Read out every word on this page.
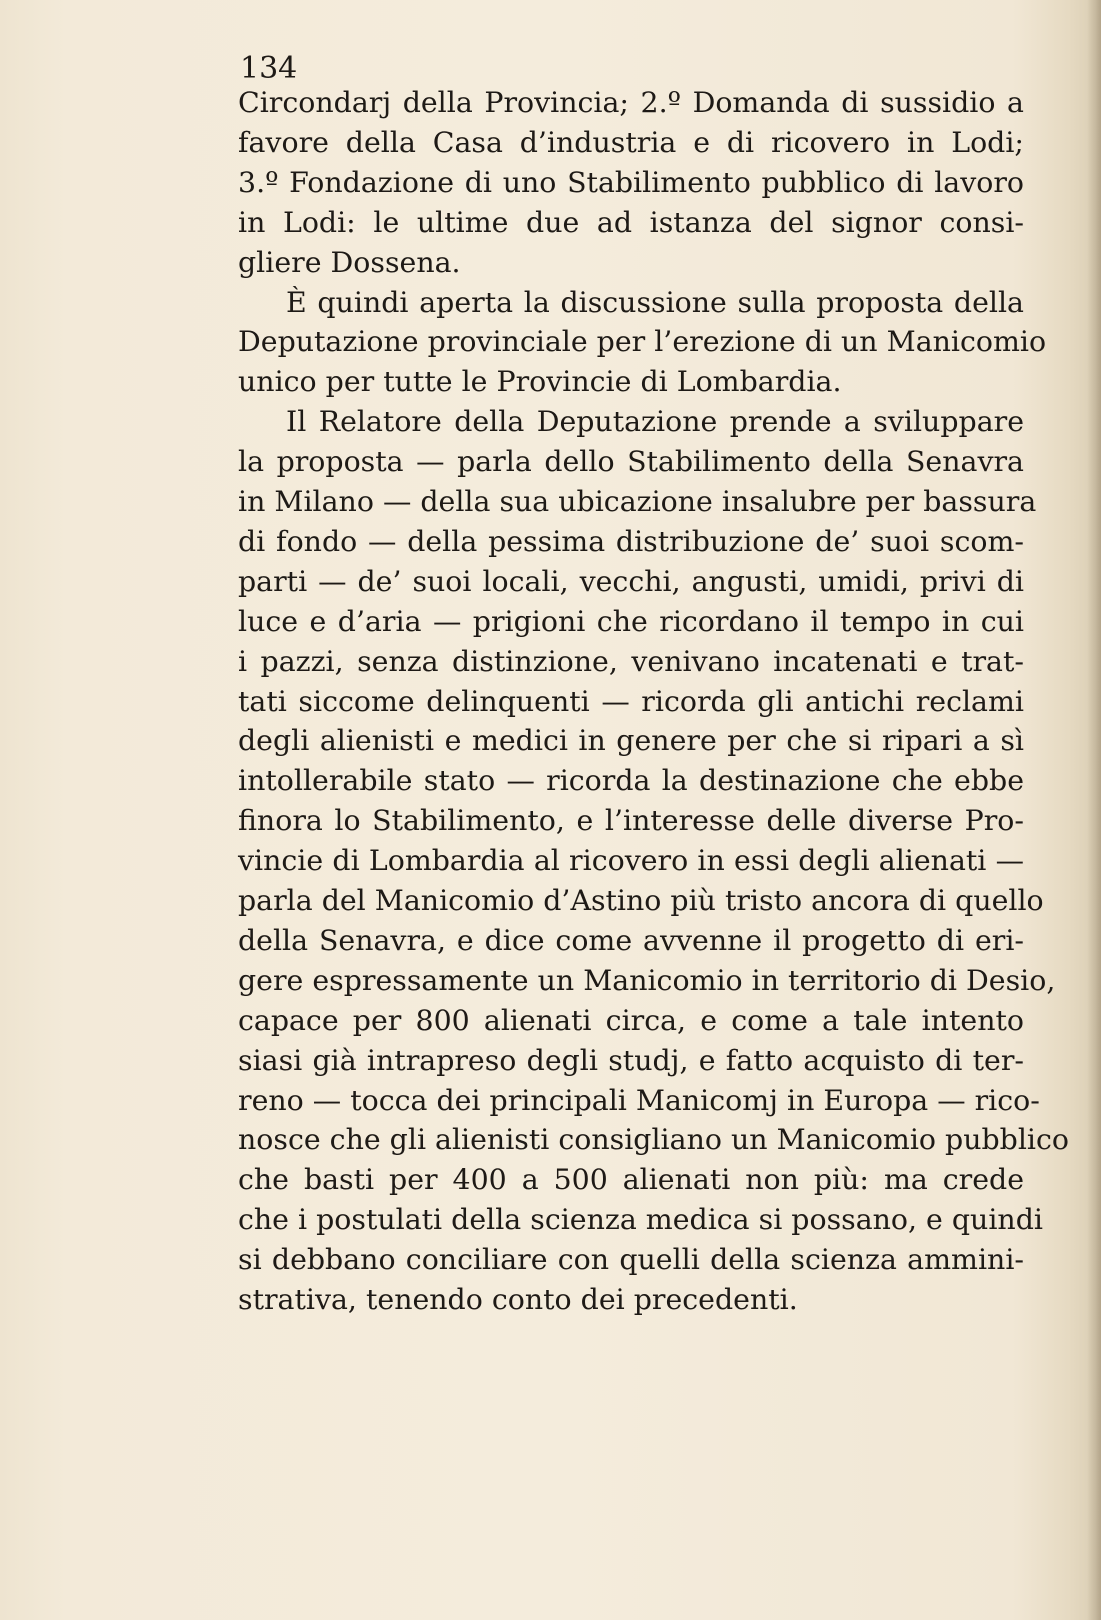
134
Circondarj della Provincia; 2.º Domanda di sussidio a
favore della Casa d’industria e di ricovero in Lodi;
3.º Fondazione di uno Stabilimento pubblico di lavoro
in Lodi: le ultime due ad istanza del signor consi-
gliere Dossena.
È quindi aperta la discussione sulla proposta della
Deputazione provinciale per l’erezione di un Manicomio
unico per tutte le Provincie di Lombardia.
Il Relatore della Deputazione prende a sviluppare
la proposta — parla dello Stabilimento della Senavra
in Milano — della sua ubicazione insalubre per bassura
di fondo — della pessima distribuzione de’ suoi scom-
parti — de’ suoi locali, vecchi, angusti, umidi, privi di
luce e d’aria — prigioni che ricordano il tempo in cui
i pazzi, senza distinzione, venivano incatenati e trat-
tati siccome delinquenti — ricorda gli antichi reclami
degli alienisti e medici in genere per che si ripari a sì
intollerabile stato — ricorda la destinazione che ebbe
finora lo Stabilimento, e l’interesse delle diverse Pro-
vincie di Lombardia al ricovero in essi degli alienati —
parla del Manicomio d’Astino più tristo ancora di quello
della Senavra, e dice come avvenne il progetto di eri-
gere espressamente un Manicomio in territorio di Desio,
capace per 800 alienati circa, e come a tale intento
siasi già intrapreso degli studj, e fatto acquisto di ter-
reno — tocca dei principali Manicomj in Europa — rico-
nosce che gli alienisti consigliano un Manicomio pubblico
che basti per 400 a 500 alienati non più: ma crede
che i postulati della scienza medica si possano, e quindi
si debbano conciliare con quelli della scienza ammini-
strativa, tenendo conto dei precedenti.
